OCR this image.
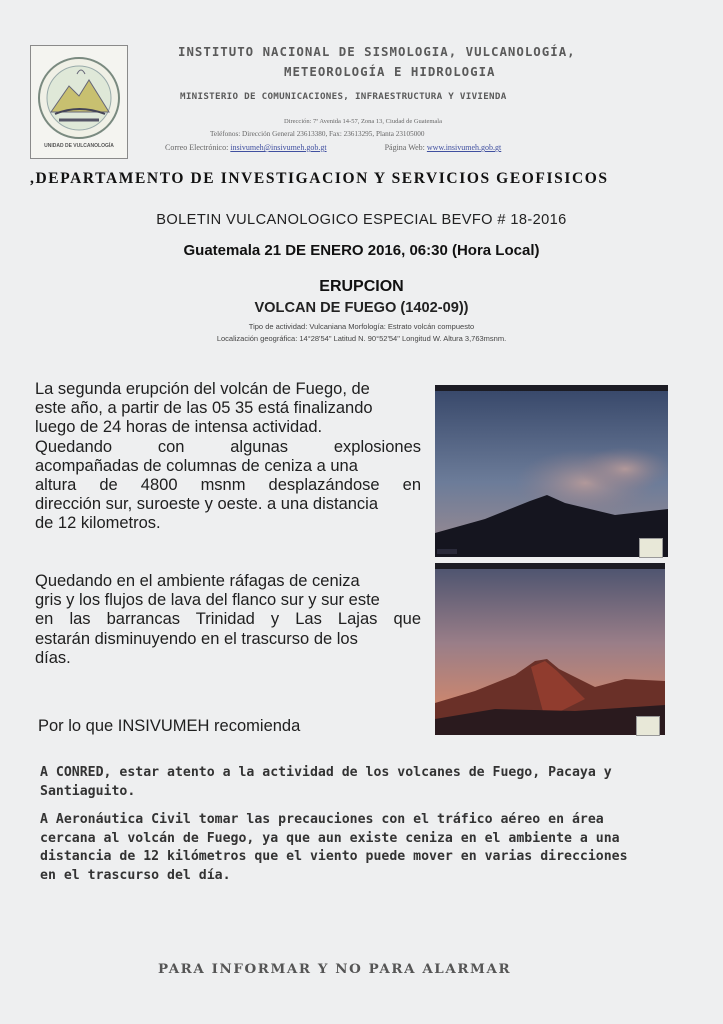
UNIDAD DE VULCANOLOGÍA
INSTITUTO NACIONAL DE SISMOLOGIA, VULCANOLOGÍA,
METEOROLOGÍA E HIDROLOGIA
MINISTERIO DE COMUNICACIONES, INFRAESTRUCTURA Y VIVIENDA
Dirección: 7ª Avenida 14-57, Zona 13, Ciudad de Guatemala
Teléfonos: Dirección General 23613380, Fax: 23613295, Planta 23105000
Correo Electrónico: insivumeh@insivumeh.gob.gt	Página Web: www.insivumeh.gob.gt
,DEPARTAMENTO DE INVESTIGACION Y SERVICIOS GEOFISICOS
BOLETIN VULCANOLOGICO ESPECIAL BEVFO # 18-2016
Guatemala 21 DE ENERO 2016, 06:30 (Hora Local)
ERUPCION
VOLCAN DE FUEGO (1402-09))
Tipo de actividad: Vulcaniana Morfología: Estrato volcán compuesto
Localización geográfica: 14°28'54" Latitud N. 90°52'54" Longitud W. Altura 3,763msnm.
La segunda erupción del volcán de Fuego, de
este año, a partir de las 05 35 está finalizando
luego de 24 horas de intensa actividad.
Quedando con algunas explosiones
acompañadas de columnas de ceniza a una
altura de 4800 msnm desplazándose en
dirección sur, suroeste y oeste. a una distancia
de 12 kilometros.
Quedando en el ambiente ráfagas de ceniza
gris y los flujos de lava del flanco sur y sur este
en las barrancas Trinidad y Las Lajas que
estarán disminuyendo en el trascurso de los
días.
Por lo que INSIVUMEH recomienda
A CONRED, estar atento a la actividad de los volcanes de Fuego, Pacaya y
Santiaguito.
A Aeronáutica Civil tomar las precauciones con el tráfico aéreo en área
cercana al volcán de Fuego, ya que aun existe ceniza en el ambiente a una
distancia de 12 kilómetros que el viento puede mover en varias direcciones
en el trascurso del día.
PARA INFORMAR Y NO PARA ALARMAR
